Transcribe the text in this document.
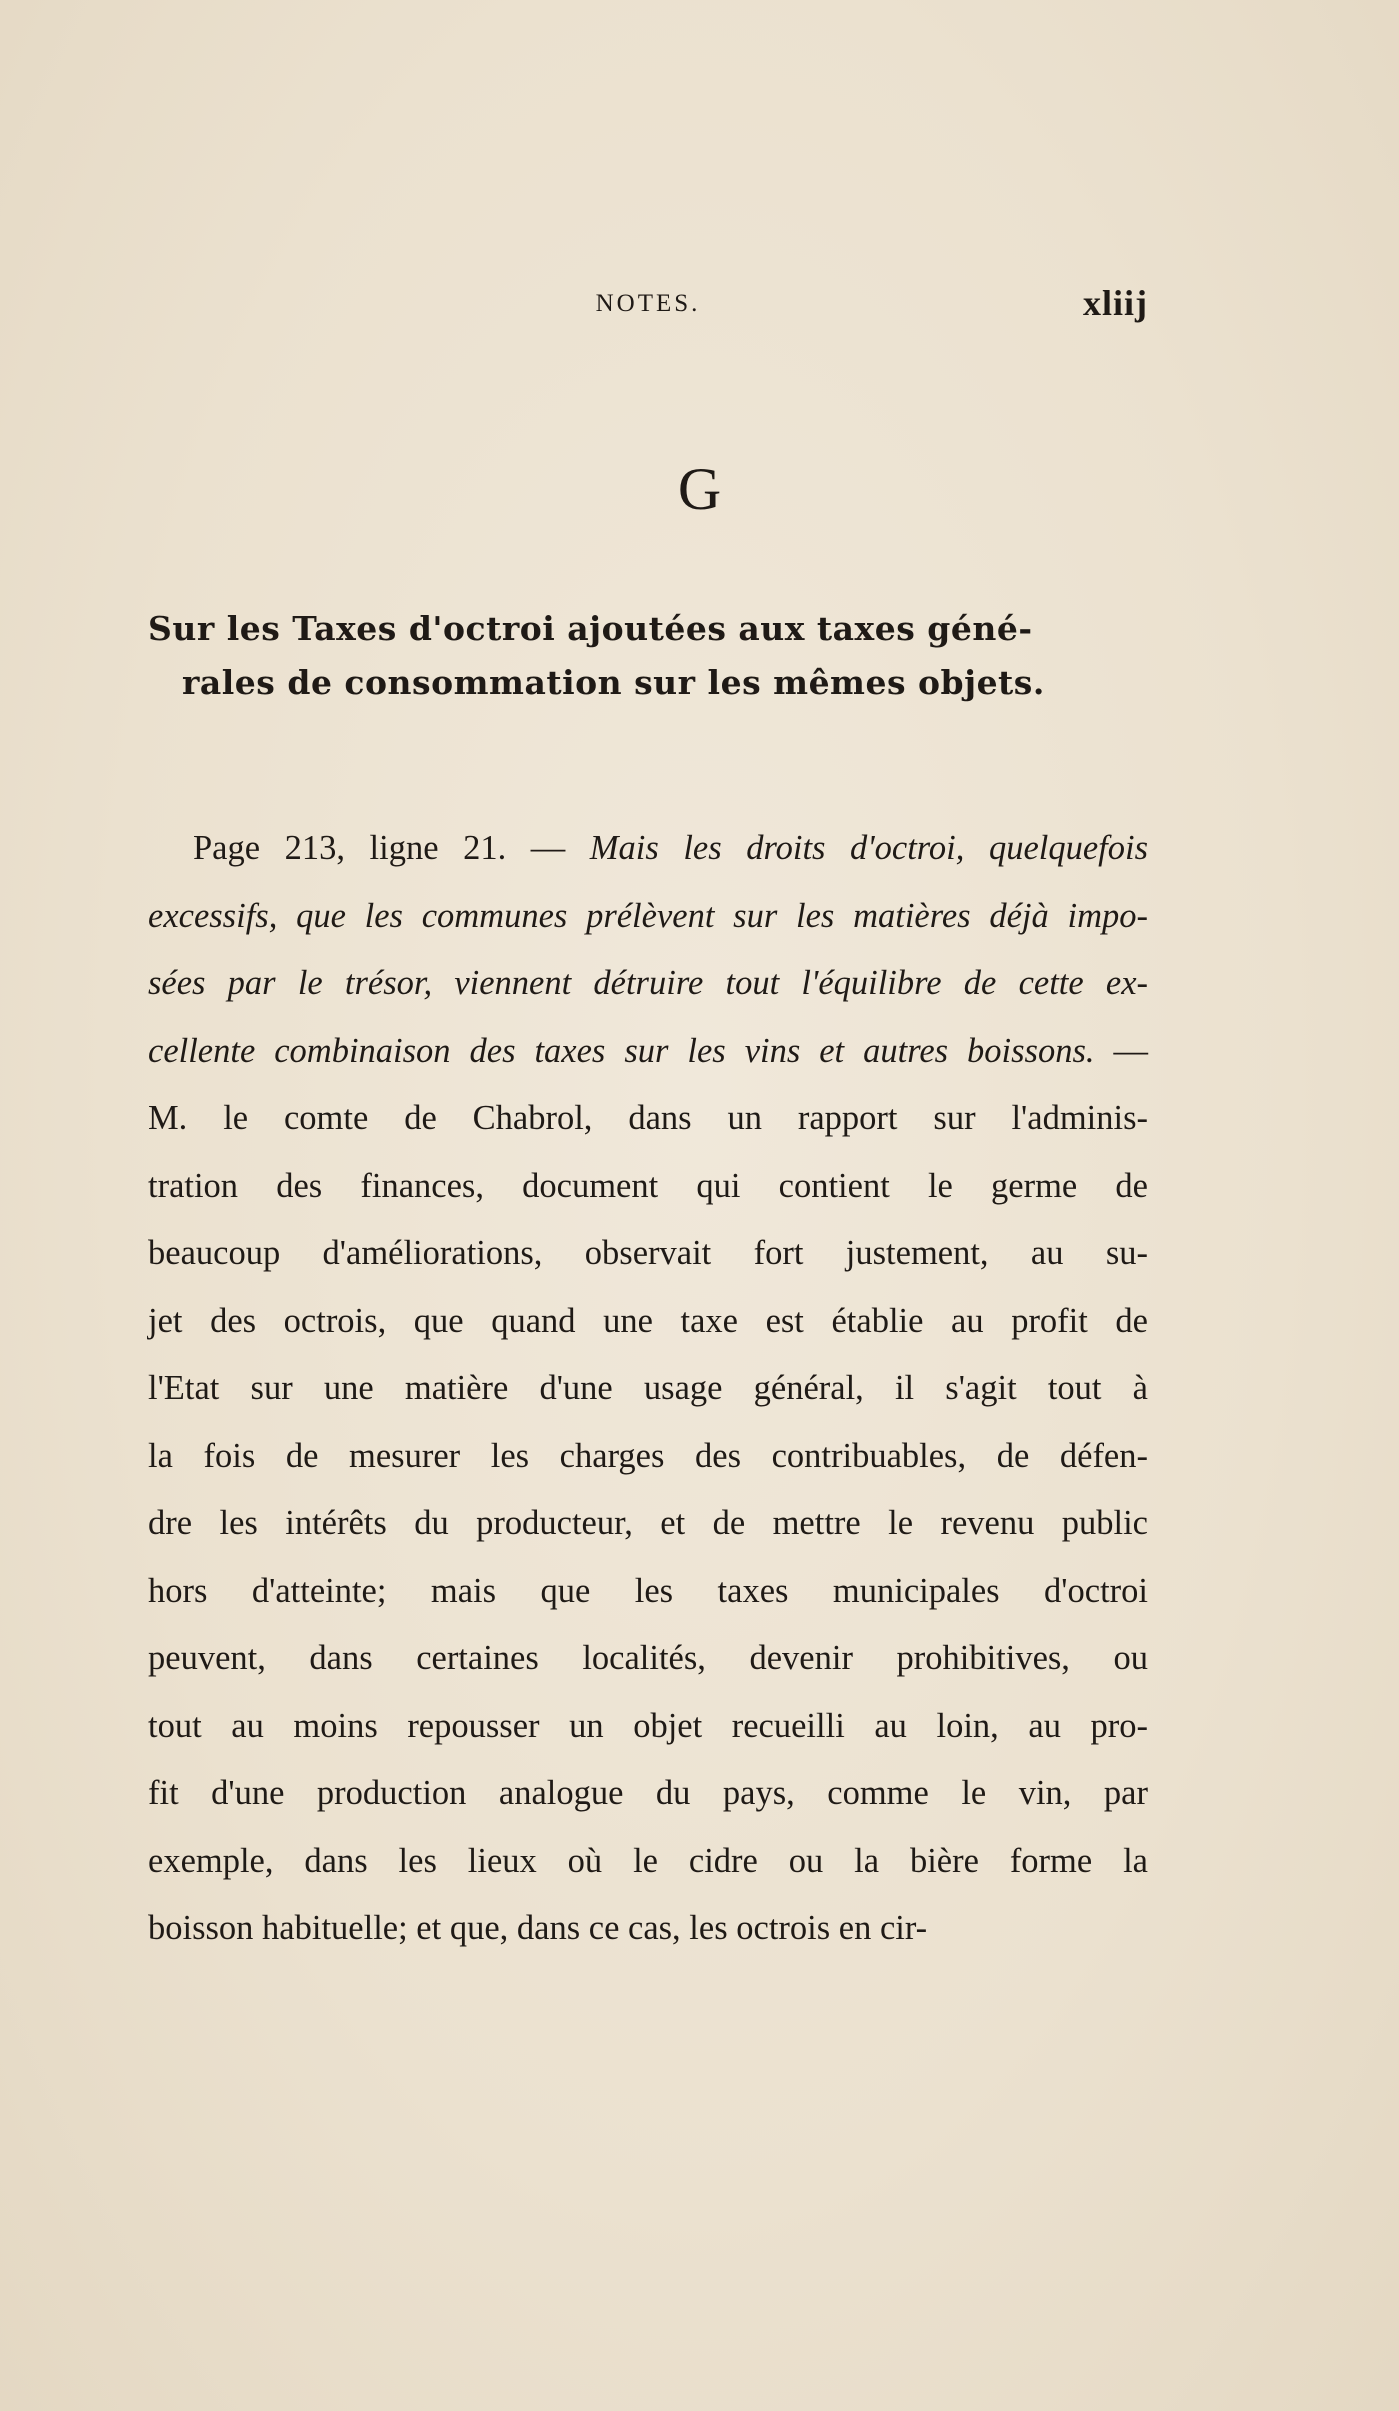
NOTES.	xliij
G
Sur les Taxes d'octroi ajoutées aux taxes géné-
rales de consommation sur les mêmes objets.
Page 213, ligne 21. — Mais les droits d'octroi, quelquefois
excessifs, que les communes prélèvent sur les matières déjà impo-
sées par le trésor, viennent détruire tout l'équilibre de cette ex-
cellente combinaison des taxes sur les vins et autres boissons. —
M. le comte de Chabrol, dans un rapport sur l'adminis-
tration des finances, document qui contient le germe de
beaucoup d'améliorations, observait fort justement, au su-
jet des octrois, que quand une taxe est établie au profit de
l'Etat sur une matière d'une usage général, il s'agit tout à
la fois de mesurer les charges des contribuables, de défen-
dre les intérêts du producteur, et de mettre le revenu public
hors d'atteinte; mais que les taxes municipales d'octroi
peuvent, dans certaines localités, devenir prohibitives, ou
tout au moins repousser un objet recueilli au loin, au pro-
fit d'une production analogue du pays, comme le vin, par
exemple, dans les lieux où le cidre ou la bière forme la
boisson habituelle; et que, dans ce cas, les octrois en cir-
